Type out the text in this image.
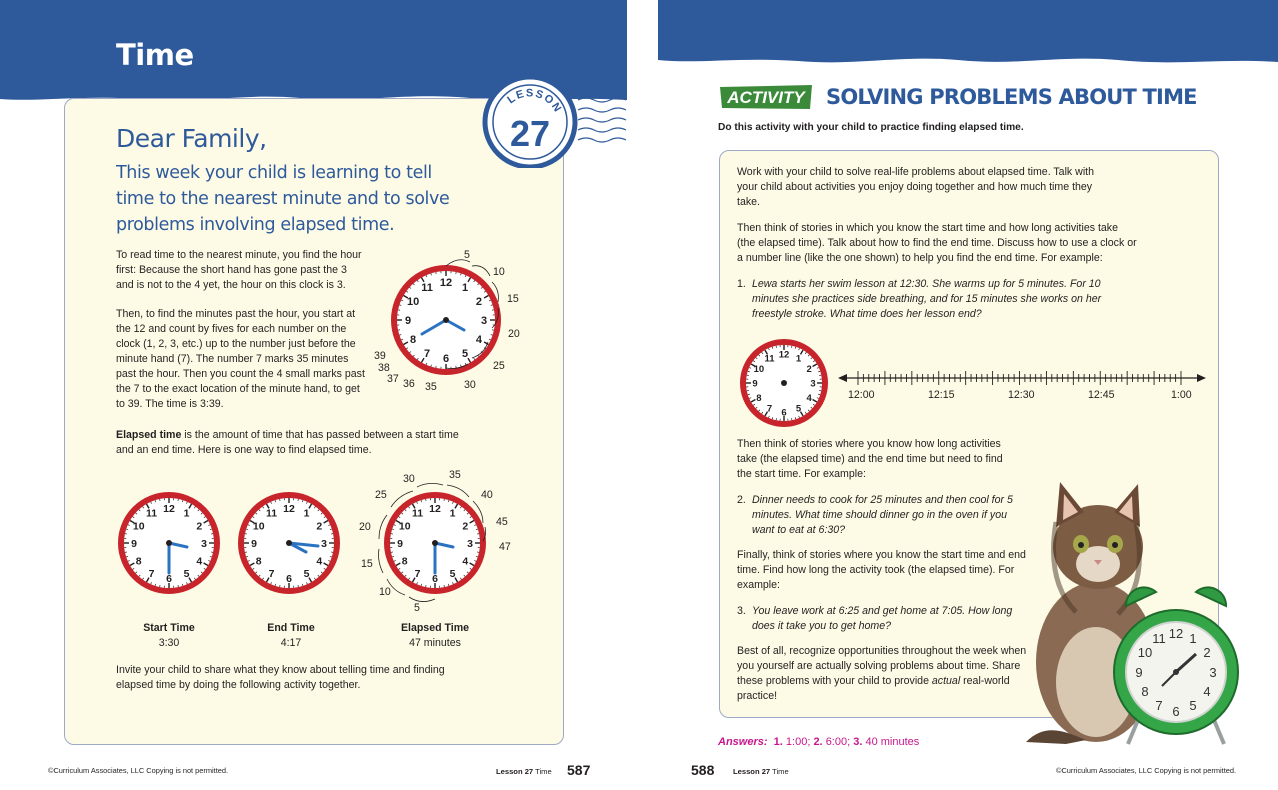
Time
LESSON
27
Dear Family,
This week your child is learning to tell time to the nearest minute and to solve problems involving elapsed time.
To read time to the nearest minute, you find the hour first: Because the short hand has gone past the 3 and is not to the 4 yet, the hour on this clock is 3.
Then, to find the minutes past the hour, you start at the 12 and count by fives for each number on the clock (1, 2, 3, etc.) up to the number just before the minute hand (7). The number 7 marks 35 minutes past the hour. Then you count the 4 small marks past the 7 to the exact location of the minute hand, to get to 39. The time is 3:39.
Elapsed time is the amount of time that has passed between a start time and an end time. Here is one way to find elapsed time.
12 1
2
3
4
5
6
7
8
9
10
11
5
10
15
20
25
30
35
36
37
38
39
12 1
2
3
4
5
6
7
8
9
10
11	12 1
2
3
4
5
6
7
8
9
10
11	12 1
2
3
4
5
6
7
8
9
10
11
5
10
15
20
25
30	35
40
45
47
Start Time
3:30
End Time
4:17
Elapsed Time
47 minutes
Invite your child to share what they know about telling time and finding elapsed time by doing the following activity together.
©Curriculum Associates, LLC Copying is not permitted.	Lesson 27 Time 587
ACTIVITY SOLVING PROBLEMS ABOUT TIME
Do this activity with your child to practice finding elapsed time.
Work with your child to solve real-life problems about elapsed time. Talk with your child about activities you enjoy doing together and how much time they take.
Then think of stories in which you know the start time and how long activities take (the elapsed time). Talk about how to find the end time. Discuss how to use a clock or a number line (like the one shown) to help you find the end time. For example:
1. Lewa starts her swim lesson at 12:30. She warms up for 5 minutes. For 10 minutes she practices side breathing, and for 15 minutes she works on her freestyle stroke. What time does her lesson end?
12 1
2
3
4
5
6
7
8
9
10
11
12:00	12:15	12:30	12:45	1:00
Then think of stories where you know how long activities take (the elapsed time) and the end time but need to find the start time. For example:
2. Dinner needs to cook for 25 minutes and then cool for 5 minutes. What time should dinner go in the oven if you want to eat at 6:30?
Finally, think of stories where you know the start time and end time. Find how long the activity took (the elapsed time). For example:
3. You leave work at 6:25 and get home at 7:05. How long does it take you to get home?
Best of all, recognize opportunities throughout the week when you yourself are actually solving problems about time. Share these problems with your child to provide actual real-world practice!
12 1
2
3
4
5
6
7
8
9
10
11
Answers: 1. 1:00; 2. 6:00; 3. 40 minutes
588 Lesson 27 Time	©Curriculum Associates, LLC Copying is not permitted.
